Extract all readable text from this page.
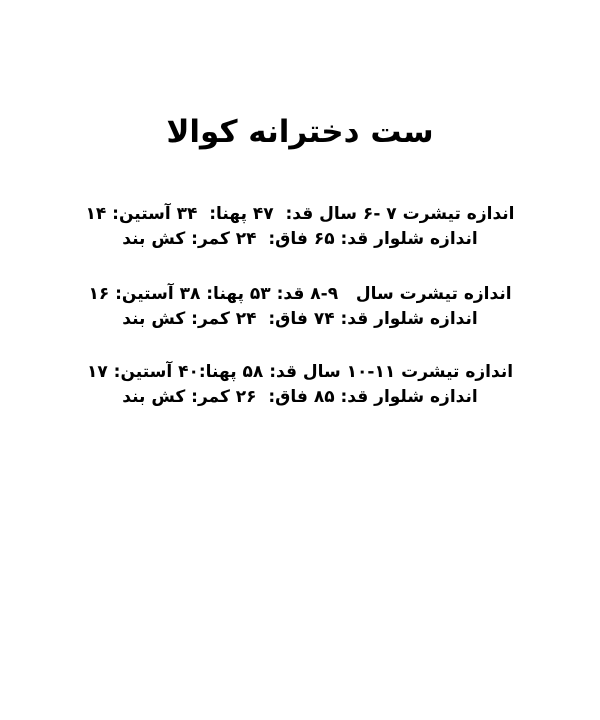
ست دخترانه کوالا
اندازه تیشرت ۷ -۶ سال قد:  ۴۷ پهنا:  ۳۴ آستین: ۱۴
اندازه شلوار قد: ۶۵ فاق:  ۲۴ کمر: کش بند
اندازه تیشرت سال   ۹-۸ قد: ۵۳ پهنا: ۳۸ آستین: ۱۶
اندازه شلوار قد: ۷۴ فاق:  ۲۴ کمر: کش بند
اندازه تیشرت ۱۱-۱۰ سال قد: ۵۸ پهنا:۴۰ آستین: ۱۷
اندازه شلوار قد: ۸۵ فاق:  ۲۶ کمر: کش بند
